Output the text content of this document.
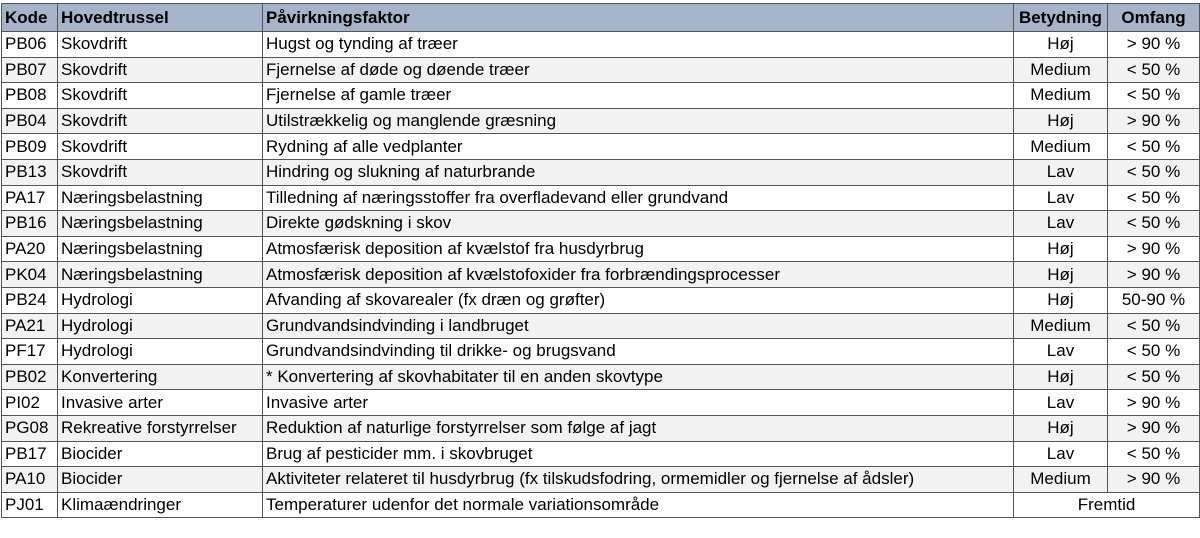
Kode	Hovedtrussel	Påvirkningsfaktor	Betydning	Omfang
PB06	Skovdrift	Hugst og tynding af træer	Høj	> 90 %
PB07	Skovdrift	Fjernelse af døde og døende træer	Medium	< 50 %
PB08	Skovdrift	Fjernelse af gamle træer	Medium	< 50 %
PB04	Skovdrift	Utilstrækkelig og manglende græsning	Høj	> 90 %
PB09	Skovdrift	Rydning af alle vedplanter	Medium	< 50 %
PB13	Skovdrift	Hindring og slukning af naturbrande	Lav	< 50 %
PA17	Næringsbelastning	Tilledning af næringsstoffer fra overfladevand eller grundvand	Lav	< 50 %
PB16	Næringsbelastning	Direkte gødskning i skov	Lav	< 50 %
PA20	Næringsbelastning	Atmosfærisk deposition af kvælstof fra husdyrbrug	Høj	> 90 %
PK04	Næringsbelastning	Atmosfærisk deposition af kvælstofoxider fra forbrændingsprocesser	Høj	> 90 %
PB24	Hydrologi	Afvanding af skovarealer (fx dræn og grøfter)	Høj	50-90 %
PA21	Hydrologi	Grundvandsindvinding i landbruget	Medium	< 50 %
PF17	Hydrologi	Grundvandsindvinding til drikke- og brugsvand	Lav	< 50 %
PB02	Konvertering	* Konvertering af skovhabitater til en anden skovtype	Høj	< 50 %
PI02	Invasive arter	Invasive arter	Lav	> 90 %
PG08	Rekreative forstyrrelser	Reduktion af naturlige forstyrrelser som følge af jagt	Høj	> 90 %
PB17	Biocider	Brug af pesticider mm. i skovbruget	Lav	< 50 %
PA10	Biocider	Aktiviteter relateret til husdyrbrug (fx tilskudsfodring, ormemidler og fjernelse af ådsler)	Medium	> 90 %
PJ01	Klimaændringer	Temperaturer udenfor det normale variationsområde	Fremtid	
